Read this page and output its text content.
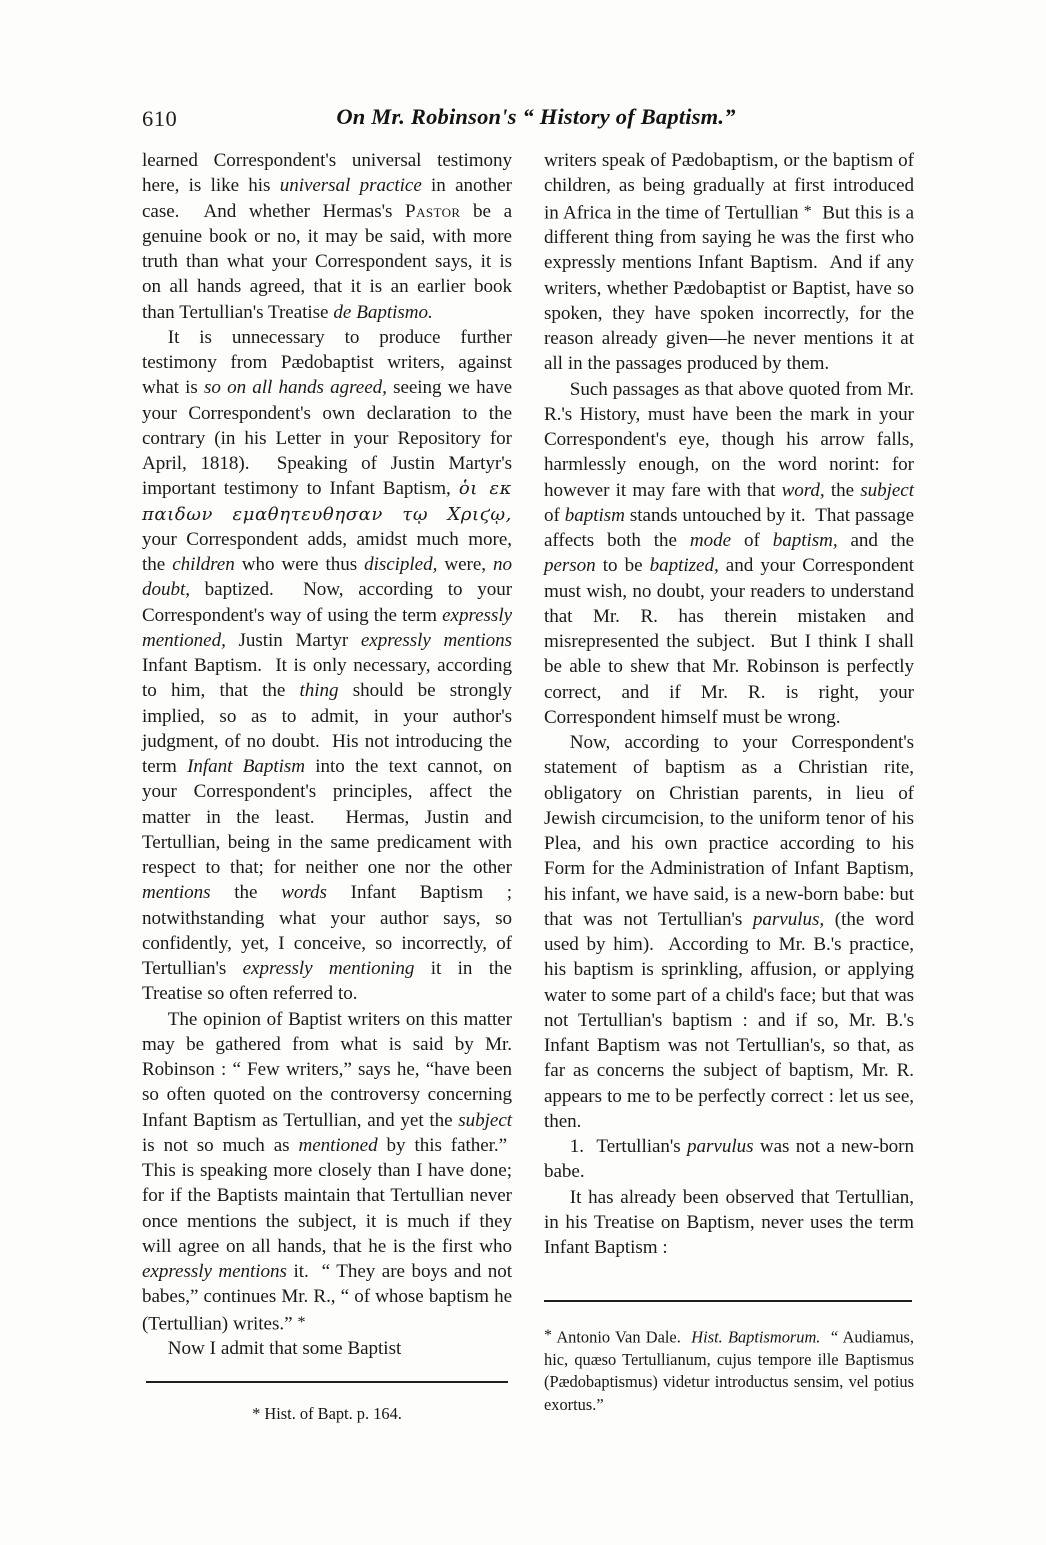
610	On Mr. Robinson's “ History of Baptism.”

learned Correspondent's universal testimony here, is like his universal practice in another case.  And whether Hermas's Pastor be a genuine book or no, it may be said, with more truth than what your Correspondent says, it is on all hands agreed, that it is an earlier book than Tertullian's Treatise de Baptismo.

It is unnecessary to produce further testimony from Pædobaptist writers, against what is so on all hands agreed, seeing we have your Correspondent's own declaration to the contrary (in his Letter in your Repository for April, 1818).  Speaking of Justin Martyr's important testimony to Infant Baptism, ὁι εκ παιδων εμαθητευθησαν τῳ Χριϛῳ, your Correspondent adds, amidst much more, the children who were thus discipled, were, no doubt, baptized.  Now, according to your Correspondent's way of using the term expressly mentioned, Justin Martyr expressly mentions Infant Baptism.  It is only necessary, according to him, that the thing should be strongly implied, so as to admit, in your author's judgment, of no doubt.  His not introducing the term Infant Baptism into the text cannot, on your Correspondent's principles, affect the matter in the least.  Hermas, Justin and Tertullian, being in the same predicament with respect to that; for neither one nor the other mentions the words Infant Baptism ; notwithstanding what your author says, so confidently, yet, I conceive, so incorrectly, of Tertullian's expressly mentioning it in the Treatise so often referred to.

The opinion of Baptist writers on this matter may be gathered from what is said by Mr. Robinson : “ Few writers,” says he, “have been so often quoted on the controversy concerning Infant Baptism as Tertullian, and yet the subject is not so much as mentioned by this father.”  This is speaking more closely than I have done; for if the Baptists maintain that Tertullian never once mentions the subject, it is much if they will agree on all hands, that he is the first who expressly mentions it.  “ They are boys and not babes,” continues Mr. R., “ of whose baptism he (Tertullian) writes.” *

Now I admit that some Baptist

writers speak of Pædobaptism, or the baptism of children, as being gradually at first introduced in Africa in the time of Tertullian *  But this is a different thing from saying he was the first who expressly mentions Infant Baptism.  And if any writers, whether Pædobaptist or Baptist, have so spoken, they have spoken incorrectly, for the reason already given—he never mentions it at all in the passages produced by them.

Such passages as that above quoted from Mr. R.'s History, must have been the mark in your Correspondent's eye, though his arrow falls, harmlessly enough, on the word norint: for however it may fare with that word, the subject of baptism stands untouched by it.  That passage affects both the mode of baptism, and the person to be baptized, and your Correspondent must wish, no doubt, your readers to understand that Mr. R. has therein mistaken and misrepresented the subject.  But I think I shall be able to shew that Mr. Robinson is perfectly correct, and if Mr. R. is right, your Correspondent himself must be wrong.

Now, according to your Correspondent's statement of baptism as a Christian rite, obligatory on Christian parents, in lieu of Jewish circumcision, to the uniform tenor of his Plea, and his own practice according to his Form for the Administration of Infant Baptism, his infant, we have said, is a new-born babe: but that was not Tertullian's parvulus, (the word used by him).  According to Mr. B.'s practice, his baptism is sprinkling, affusion, or applying water to some part of a child's face; but that was not Tertullian's baptism : and if so, Mr. B.'s Infant Baptism was not Tertullian's, so that, as far as concerns the subject of baptism, Mr. R. appears to me to be perfectly correct : let us see, then.

1.  Tertullian's parvulus was not a new-born babe.

It has already been observed that Tertullian, in his Treatise on Baptism, never uses the term Infant Baptism :

* Antonio Van Dale.  Hist. Baptismorum.  “ Audiamus, hic, quæso Tertullianum, cujus tempore ille Baptismus (Pædobaptismus) videtur introductus sensim, vel potius exortus.”

* Hist. of Bapt. p. 164.
